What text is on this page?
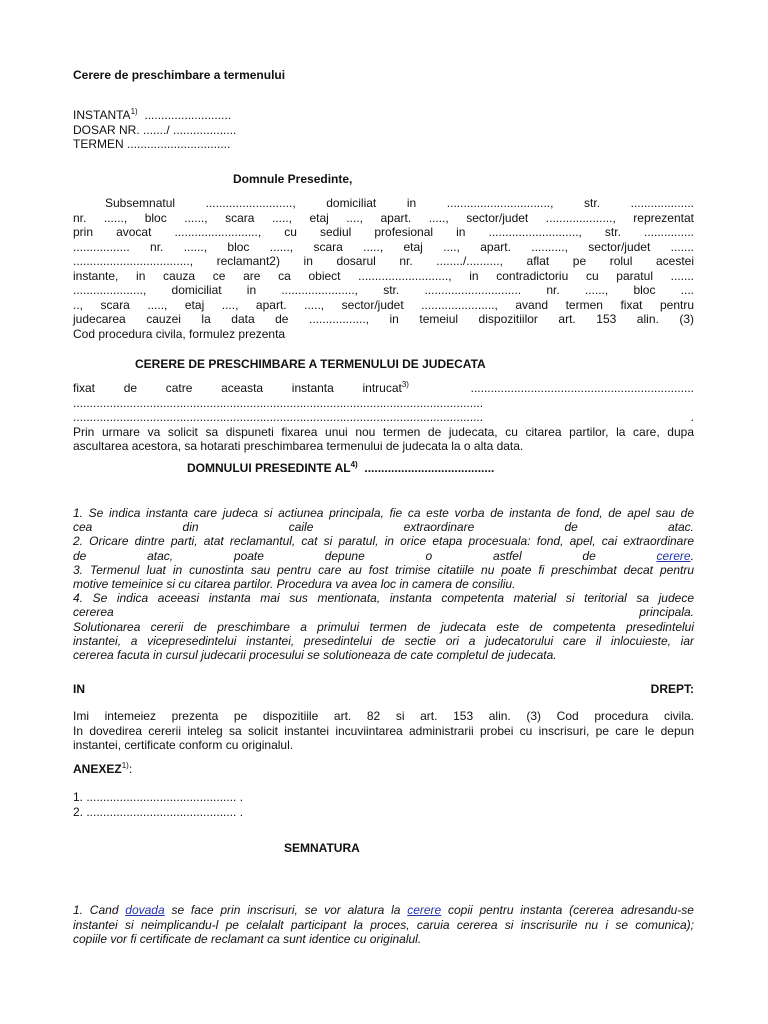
Cerere de preschimbare a termenului
INSTANTA$^{1)}$ ..........................
DOSAR NR. ......./ ...................
TERMEN ...............................
Domnule Presedinte,
Subsemnatul .........................., domiciliat in ..............................., str. ...................
nr. ......, bloc ......, scara ....., etaj ...., apart. ....., sector/judet ...................., reprezentat
prin avocat ........................., cu sediul profesional in ..........................., str. ...............
................. nr. ......, bloc ......, scara ....., etaj ...., apart. .........., sector/judet .......
..................................., reclamant2) in dosarul nr. ......../.........., aflat pe rolul acestei
instante, in cauza ce are ca obiect ..........................., in contradictoriu cu paratul .......
....................., domiciliat in ......................, str. ............................. nr. ......, bloc ....
.., scara ....., etaj ...., apart. ....., sector/judet ......................, avand termen fixat pentru
judecarea cauzei la data de ................., in temeiul dispozitiilor art. 153 alin. (3)
Cod procedura civila, formulez prezenta
CERERE DE PRESCHIMBARE A TERMENULUI DE JUDECATA
fixat de catre aceasta instanta intrucat$^{3)}$	...................................................................
...........................................................................................................................
...........................................................................................................................	.
Prin urmare va solicit sa dispuneti fixarea unui nou termen de judecata, cu citarea partilor, la care, dupa
ascultarea acestora, sa hotarati preschimbarea termenului de judecata la o alta data.
DOMNULUI PRESEDINTE AL$^{4)}$ .......................................
1. Se indica instanta care judeca si actiunea principala, fie ca este vorba de instanta de fond, de apel sau de
cea din caile extraordinare de atac.
2. Oricare dintre parti, atat reclamantul, cat si paratul, in orice etapa procesuala: fond, apel, cai extraordinare
de	atac,	poate	depune	o	astfel	de	cerere.
3. Termenul luat in cunostinta sau pentru care au fost trimise citatiile nu poate fi preschimbat decat pentru
motive temeinice si cu citarea partilor. Procedura va avea loc in camera de consiliu.
4. Se indica aceeasi instanta mai sus mentionata, instanta competenta material si teritorial sa judece
cererea principala.
Solutionarea cererii de preschimbare a primului termen de judecata este de competenta presedintelui
instantei, a vicepresedintelui instantei, presedintelui de sectie ori a judecatorului care il inlocuieste, iar
cererea facuta in cursul judecarii procesului se solutioneaza de cate completul de judecata.
IN	DREPT:
Imi intemeiez prezenta pe dispozitiile art. 82 si art. 153 alin. (3) Cod procedura civila.
In dovedirea cererii inteleg sa solicit instantei incuviintarea administrarii probei cu inscrisuri, pe care le depun
instantei, certificate conform cu originalul.
ANEXEZ$^{1)}$:
1. ............................................. .
2. ............................................. .
SEMNATURA
1. Cand dovada se face prin inscrisuri, se vor alatura la cerere copii pentru instanta (cererea adresandu-se
instantei si neimplicandu-l pe celalalt participant la proces, caruia cererea si inscrisurile nu i se comunica);
copiile vor fi certificate de reclamant ca sunt identice cu originalul.
